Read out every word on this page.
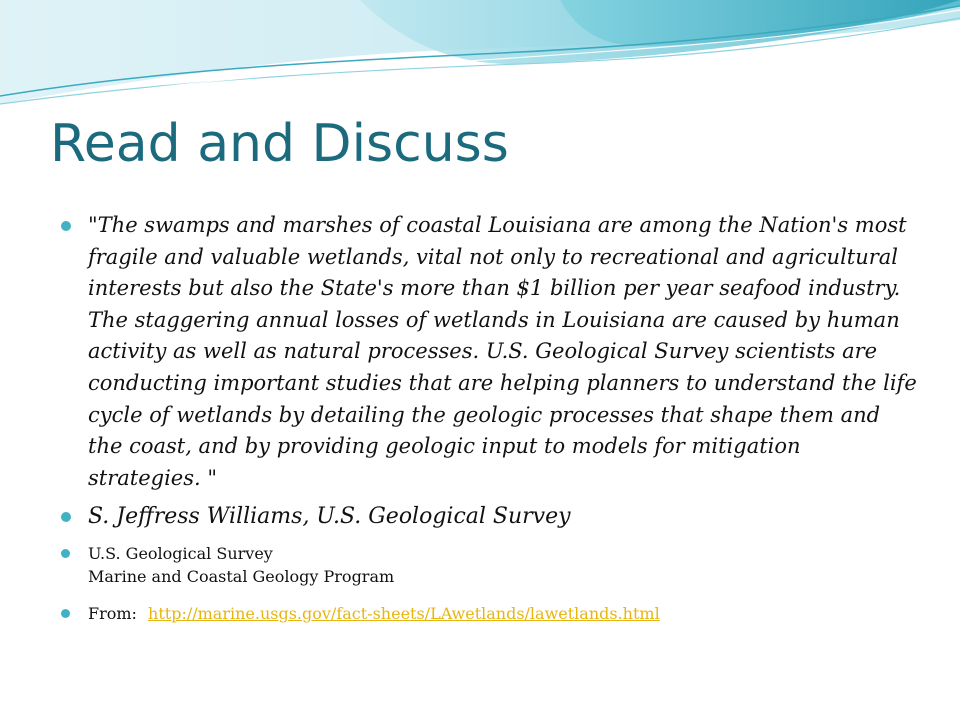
Read and Discuss
"The swamps and marshes of coastal Louisiana are among the Nation's most fragile and valuable wetlands, vital not only to recreational and agricultural interests but also the State's more than $1 billion per year seafood industry. The staggering annual losses of wetlands in Louisiana are caused by human activity as well as natural processes. U.S. Geological Survey scientists are conducting important studies that are helping planners to understand the life cycle of wetlands by detailing the geologic processes that shape them and the coast, and by providing geologic input to models for mitigation strategies. "
S. Jeffress Williams, U.S. Geological Survey
U.S. Geological Survey
Marine and Coastal Geology Program
From: http://marine.usgs.gov/fact-sheets/LAwetlands/lawetlands.html
